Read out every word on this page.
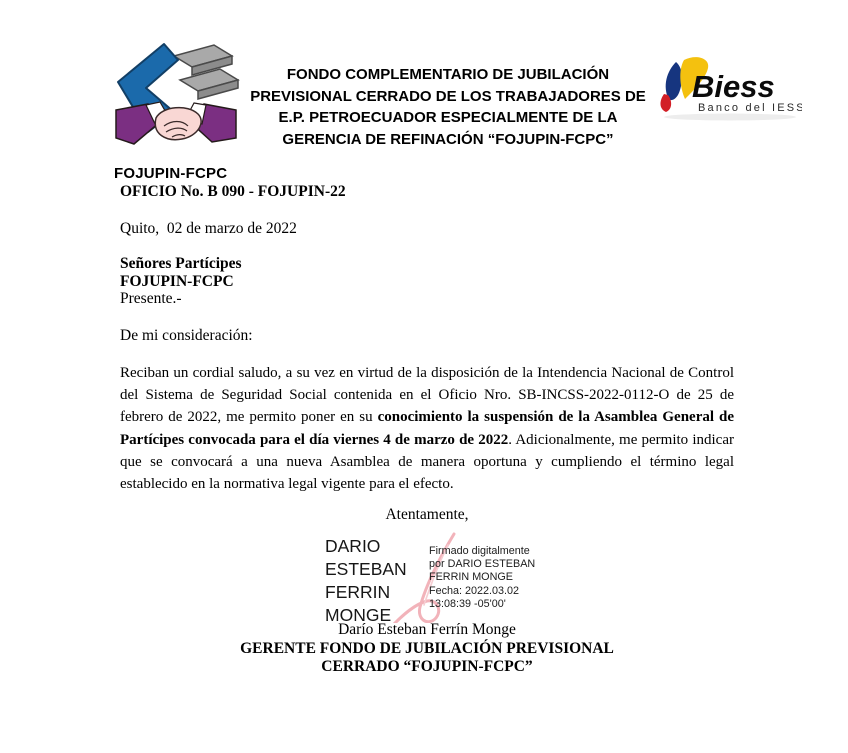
FOJUPIN-FCPC
FONDO COMPLEMENTARIO DE JUBILACIÓN
PREVISIONAL CERRADO DE LOS TRABAJADORES DE
E.P. PETROECUADOR ESPECIALMENTE DE LA
GERENCIA DE REFINACIÓN “FOJUPIN-FCPC”
Biess
Banco del IESS
OFICIO No. B 090 - FOJUPIN-22
Quito,  02 de marzo de 2022
Señores Partícipes
FOJUPIN-FCPC
Presente.-
De mi consideración:

Reciban un cordial saludo, a su vez en virtud de la disposición de la Intendencia Nacional de Control del Sistema de Seguridad Social contenida en el Oficio Nro. SB-INCSS-2022-0112-O de 25 de febrero de 2022, me permito poner en su conocimiento la suspensión de la Asamblea General de Partícipes convocada para el día viernes 4 de marzo de 2022. Adicionalmente, me permito indicar que se convocará a una nueva Asamblea de manera oportuna y cumpliendo el término legal establecido en la normativa legal vigente para el efecto.

Atentamente,
DARIO
ESTEBAN
FERRIN
MONGE
Firmado digitalmente
por DARIO ESTEBAN
FERRIN MONGE
Fecha: 2022.03.02
13:08:39 -05'00'
Darío Esteban Ferrín Monge
GERENTE FONDO DE JUBILACIÓN PREVISIONAL
CERRADO “FOJUPIN-FCPC”
